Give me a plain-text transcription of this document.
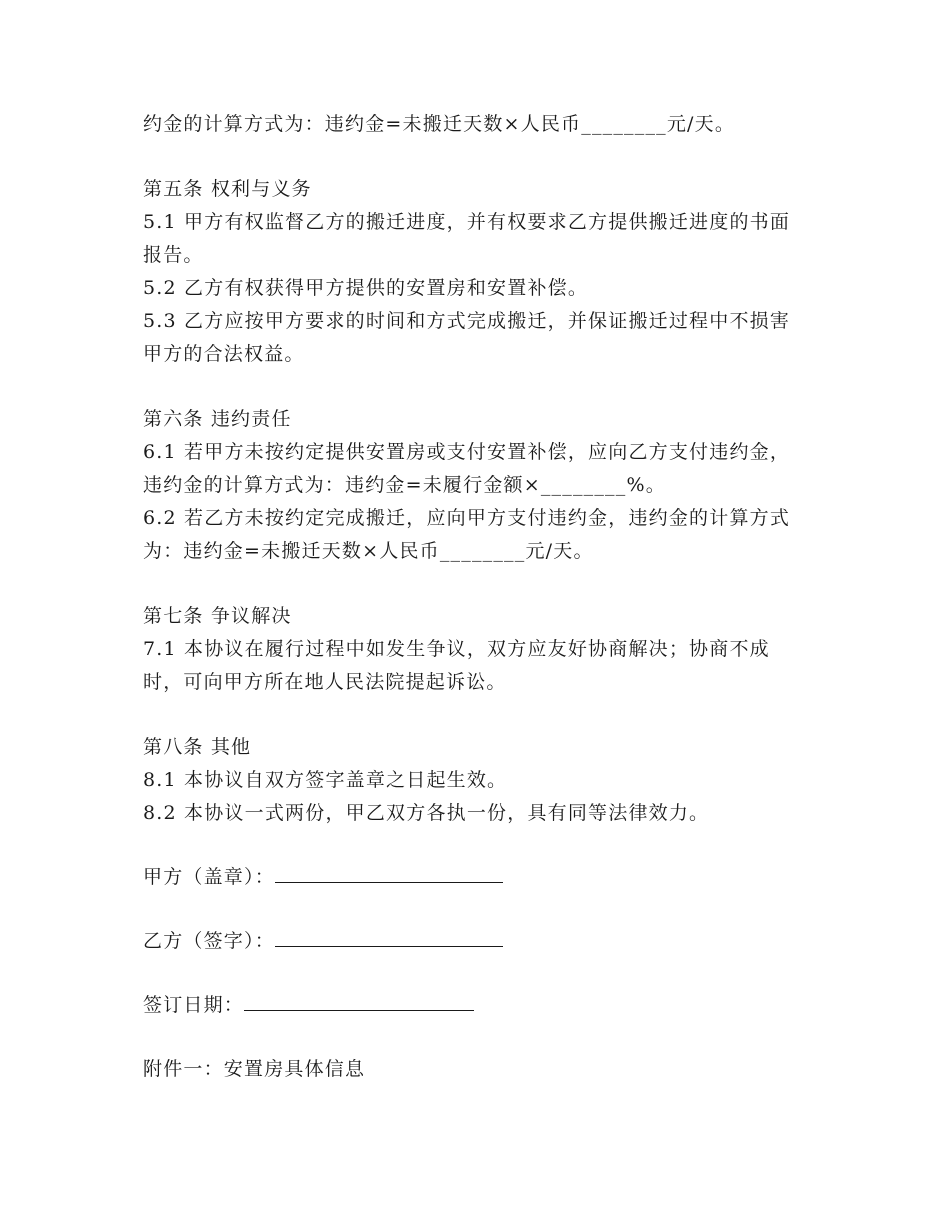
约金的计算方式为：违约金=未搬迁天数×人民币________元/天。
第五条 权利与义务
5.1 甲方有权监督乙方的搬迁进度，并有权要求乙方提供搬迁进度的书面报告。
5.2 乙方有权获得甲方提供的安置房和安置补偿。
5.3 乙方应按甲方要求的时间和方式完成搬迁，并保证搬迁过程中不损害甲方的合法权益。
第六条 违约责任
6.1 若甲方未按约定提供安置房或支付安置补偿，应向乙方支付违约金，违约金的计算方式为：违约金=未履行金额×________%。
6.2 若乙方未按约定完成搬迁，应向甲方支付违约金，违约金的计算方式为：违约金=未搬迁天数×人民币________元/天。
第七条 争议解决
7.1 本协议在履行过程中如发生争议，双方应友好协商解决；协商不成时，可向甲方所在地人民法院提起诉讼。
第八条 其他
8.1 本协议自双方签字盖章之日起生效。
8.2 本协议一式两份，甲乙双方各执一份，具有同等法律效力。
甲方（盖章）：
乙方（签字）：
签订日期：
附件一：安置房具体信息
